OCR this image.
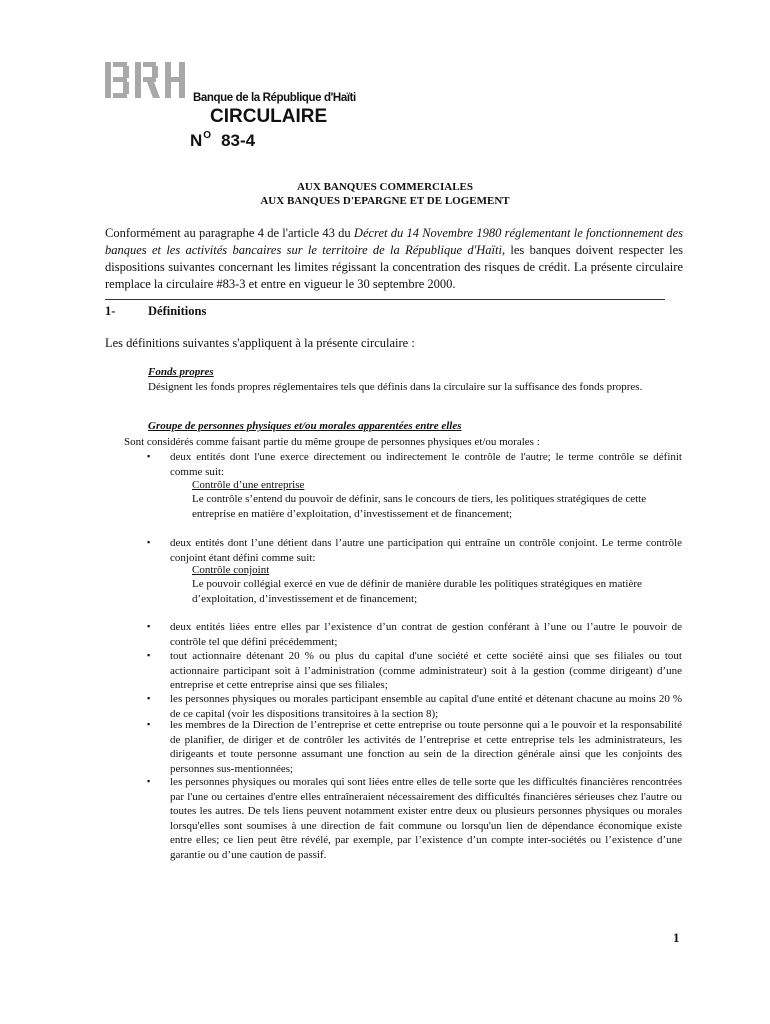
Banque de la République d'Haïti
CIRCULAIRE
$N^O$ 83-4
AUX BANQUES COMMERCIALES
AUX BANQUES D'EPARGNE ET DE LOGEMENT
Conformément au paragraphe 4 de l'article 43 du Décret du 14 Novembre 1980 réglementant le fonctionnement des banques et les activités bancaires sur le territoire de la République d'Haïti, les banques doivent respecter les dispositions suivantes concernant les limites régissant la concentration des risques de crédit. La présente circulaire remplace la circulaire #83-3 et entre en vigueur le 30 septembre 2000.
1-	Définitions
Les définitions suivantes s'appliquent à la présente circulaire :
Fonds propres
Désignent les fonds propres réglementaires tels que définis dans la circulaire sur la suffisance des fonds propres.
Groupe de personnes physiques et/ou morales apparentées entre elles
Sont considérés comme faisant partie du même groupe de personnes physiques et/ou morales :
▪ deux entités dont l'une exerce directement ou indirectement le contrôle de l'autre; le terme contrôle se définit comme suit:
Contrôle d’une entreprise
Le contrôle s’entend du pouvoir de définir, sans le concours de tiers, les politiques stratégiques de cette entreprise en matière d’exploitation, d’investissement et de financement;
▪ deux entités dont l’une détient dans l’autre une participation qui entraîne un contrôle conjoint. Le terme contrôle conjoint étant défini comme suit:
Contrôle conjoint
Le pouvoir collégial exercé en vue de définir de manière durable les politiques stratégiques en matière d’exploitation, d’investissement et de financement;
▪ deux entités liées entre elles par l’existence d’un contrat de gestion conférant à l’une ou l’autre le pouvoir de contrôle tel que défini précédemment;
▪ tout actionnaire détenant 20 % ou plus du capital d'une société et cette société ainsi que ses filiales ou tout actionnaire participant soit à l’administration (comme administrateur) soit à la gestion (comme dirigeant) d’une entreprise et cette entreprise ainsi que ses filiales;
▪ les personnes physiques ou morales participant ensemble au capital d'une entité et détenant chacune au moins 20 % de ce capital (voir les dispositions transitoires à la section 8);
▪ les membres de la Direction de l’entreprise et cette entreprise ou toute personne qui a le pouvoir et la responsabilité de planifier, de diriger et de contrôler les activités de l’entreprise et cette entreprise tels les administrateurs, les dirigeants et toute personne assumant une fonction au sein de la direction générale ainsi que les conjoints des personnes sus-mentionnées;
▪ les personnes physiques ou morales qui sont liées entre elles de telle sorte que les difficultés financières rencontrées par l'une ou certaines d'entre elles entraîneraient nécessairement des difficultés financières sérieuses chez l'autre ou toutes les autres. De tels liens peuvent notamment exister entre deux ou plusieurs personnes physiques ou morales lorsqu'elles sont soumises à une direction de fait commune ou lorsqu'un lien de dépendance économique existe entre elles; ce lien peut être révélé, par exemple, par l’existence d’un compte inter-sociétés ou l’existence d’une garantie ou d’une caution de passif.
1
